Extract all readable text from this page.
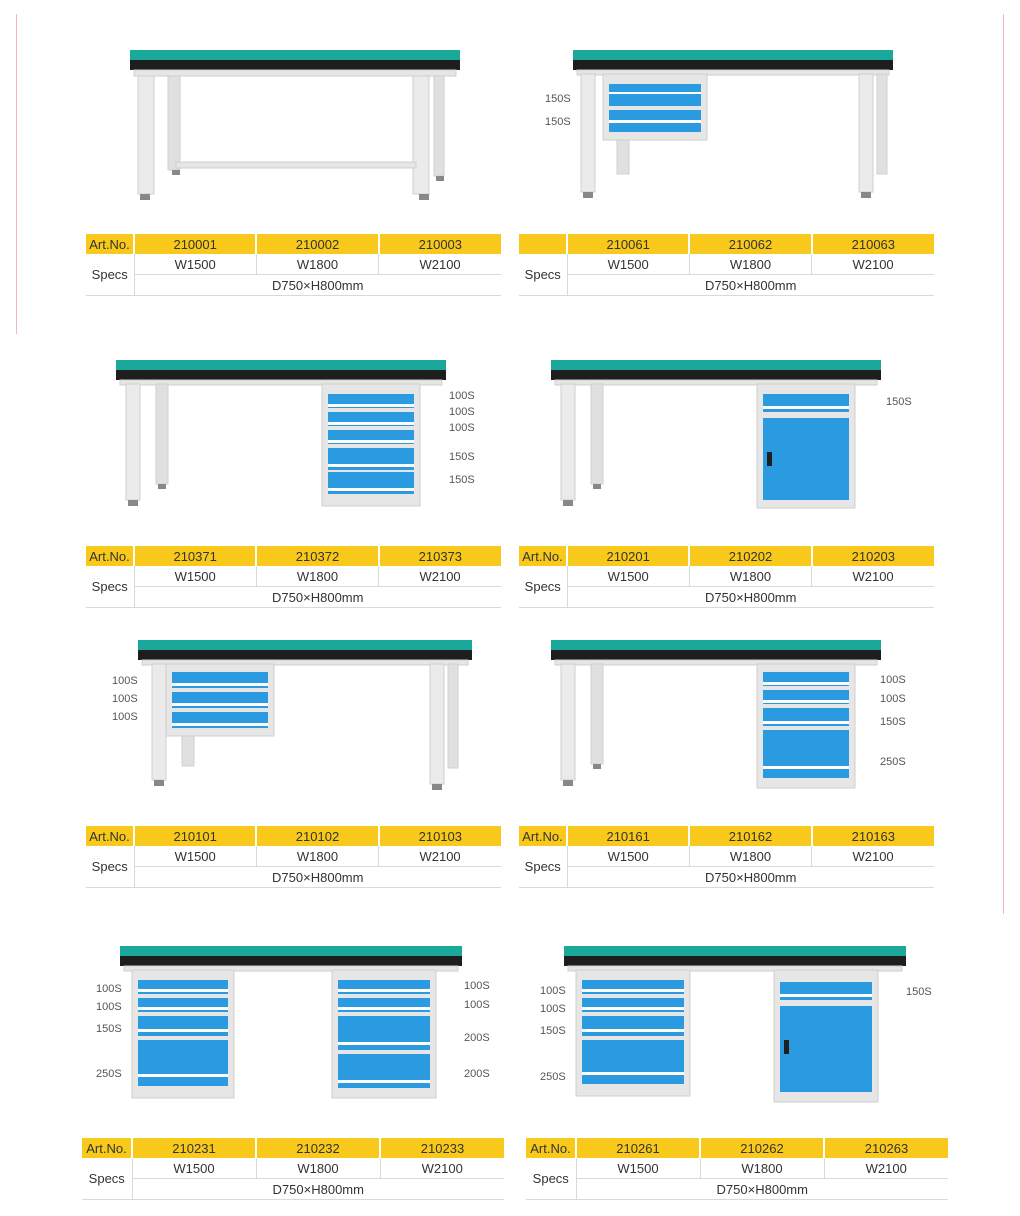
Art.No.	210001	210002	210003
Specs	W1500	W1800	W2100
	D750×H800mm		
150S
150S
	210061	210062	210063
Specs	W1500	W1800	W2100
	D750×H800mm		
100S
100S
100S
150S
150S
Art.No.	210371	210372	210373
Specs	W1500	W1800	W2100
	D750×H800mm		
150S
Art.No.	210201	210202	210203
Specs	W1500	W1800	W2100
	D750×H800mm		
100S
100S
100S
Art.No.	210101	210102	210103
Specs	W1500	W1800	W2100
	D750×H800mm		
100S
100S
150S
250S
Art.No.	210161	210162	210163
Specs	W1500	W1800	W2100
	D750×H800mm		
100S
100S
150S
250S
100S
100S
200S
200S
Art.No.	210231	210232	210233
Specs	W1500	W1800	W2100
	D750×H800mm		
100S
100S
150S
250S
150S
Art.No.	210261	210262	210263
Specs	W1500	W1800	W2100
	D750×H800mm		
